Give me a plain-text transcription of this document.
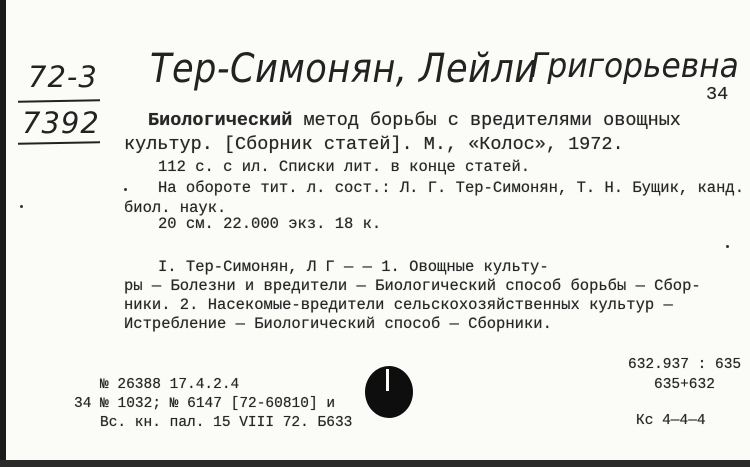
72-3
7392
Тер-Симонян, Лейли
Григорьевна
34
Биологический метод борьбы с вредителями овощных
культур. [Сборник статей]. М., «Колос», 1972.
112 с. с ил. Списки лит. в конце статей.
На обороте тит. л. сост.: Л. Г. Тер-Симонян, Т. Н. Бущик, канд.
биол. наук.
20 см. 22.000 экз. 18 к.
I. Тер-Симонян, Л Г — — 1. Овощные культу-
ры — Болезни и вредители — Биологический способ борьбы — Сбор-
ники. 2. Насекомые-вредители сельскохозяйственных культур —
Истребление — Биологический способ — Сборники.
632.937 : 635
635+632
№ 26388 17.4.2.4
34 № 1032; № 6147 [72-60810] и
Вс. кн. пал. 15 VIII 72. Б633	Кс 4—4—4
